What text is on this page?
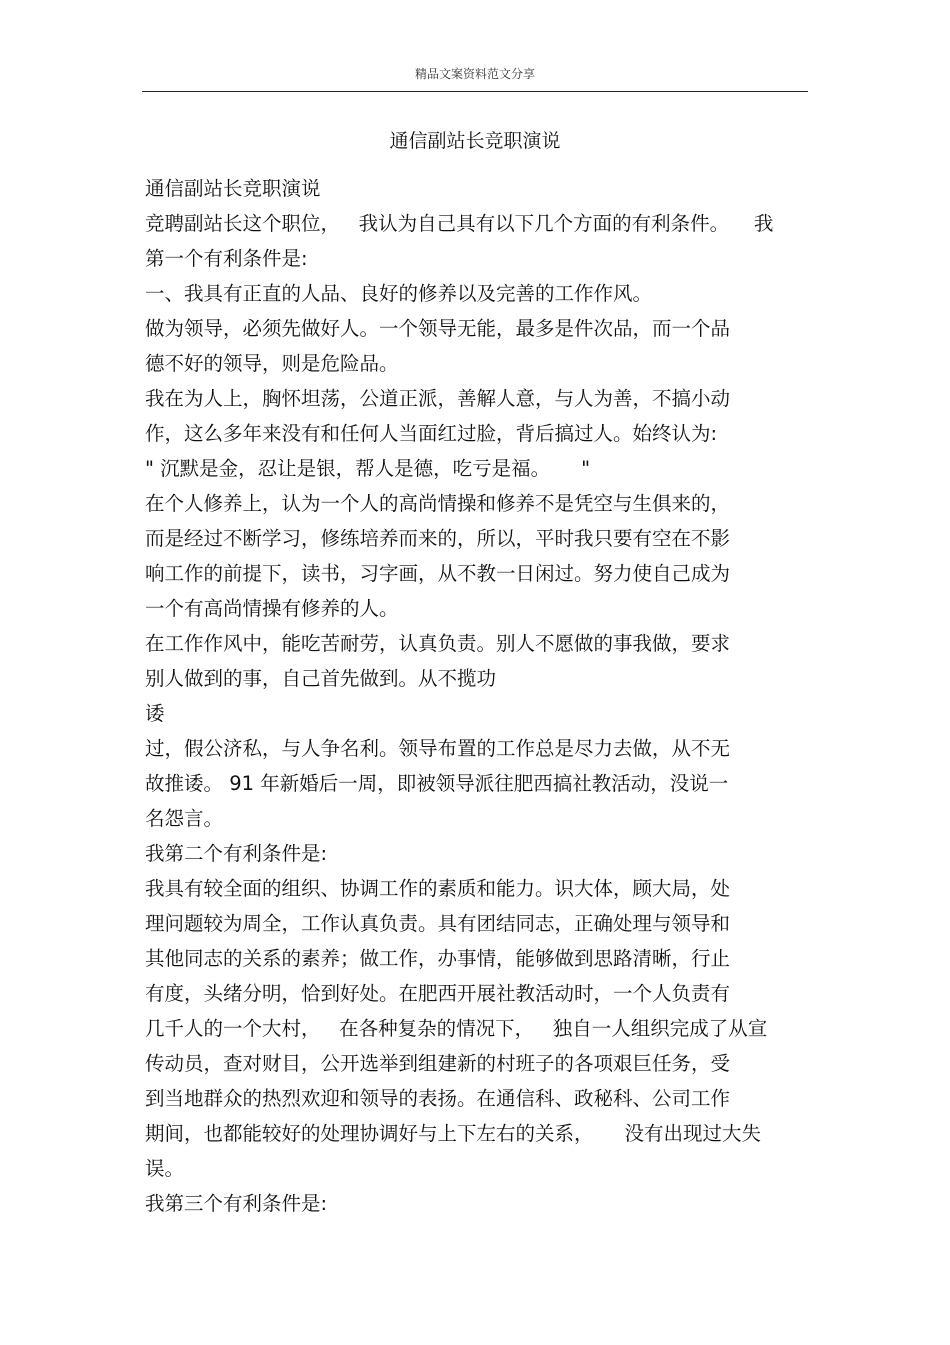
精品文案资料范文分享
通信副站长竞职演说
通信副站长竞职演说
竞聘副站长这个职位，   我认为自己具有以下几个方面的有利条件。    我
第一个有利条件是:
一、我具有正直的人品、良好的修养以及完善的工作作风。
做为领导，必须先做好人。一个领导无能，最多是件次品，而一个品
德不好的领导，则是危险品。
我在为人上，胸怀坦荡，公道正派，善解人意，与人为善，不搞小动
作，这么多年来没有和任何人当面红过脸，背后搞过人。始终认为:
" 沉默是金，忍让是银，帮人是德，吃亏是福。     "
在个人修养上，认为一个人的高尚情操和修养不是凭空与生俱来的，
而是经过不断学习，修练培养而来的，所以，平时我只要有空在不影
响工作的前提下，读书，习字画，从不教一日闲过。努力使自己成为
一个有高尚情操有修养的人。
在工作作风中，能吃苦耐劳，认真负责。别人不愿做的事我做，要求
别人做到的事，自己首先做到。从不揽功
诿
过，假公济私，与人争名利。领导布置的工作总是尽力去做，从不无
故推诿。 91 年新婚后一周，即被领导派往肥西搞社教活动，没说一
名怨言。
我第二个有利条件是:
我具有较全面的组织、协调工作的素质和能力。识大体，顾大局，处
理问题较为周全，工作认真负责。具有团结同志，正确处理与领导和
其他同志的关系的素养；做工作，办事情，能够做到思路清晰，行止
有度，头绪分明，恰到好处。在肥西开展社教活动时，一个人负责有
几千人的一个大村，   在各种复杂的情况下，   独自一人组织完成了从宣
传动员，查对财目，公开选举到组建新的村班子的各项艰巨任务，受
到当地群众的热烈欢迎和领导的表扬。在通信科、政秘科、公司工作
期间，也都能较好的处理协调好与上下左右的关系，     没有出现过大失
误。
我第三个有利条件是:
